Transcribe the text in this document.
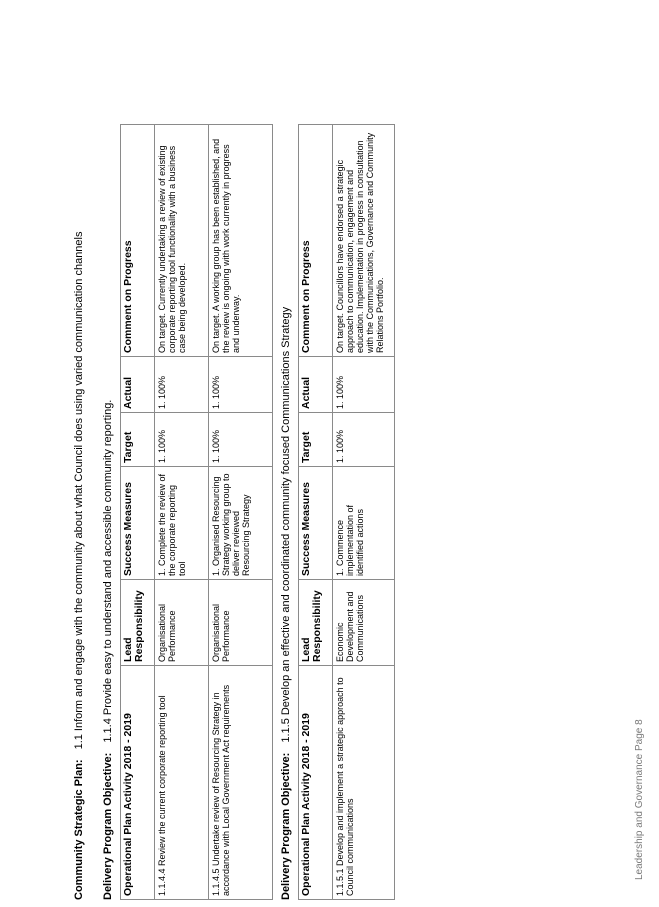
Community Strategic Plan:1.1 Inform and engage with the community about what Council does using varied communication channels
Delivery Program Objective:1.1.4 Provide easy to understand and accessible community reporting.
Operational Plan Activity 2018 - 2019	Lead Responsibility	Success Measures	Target	Actual	Comment on Progress
1.1.4.4 Review the current corporate reporting tool	Organisational Performance	1. Complete the review of the corporate reporting tool	1. 100%	1. 100%	On target. Currently undertaking a review of existing corporate reporting tool functionality with a business case being developed.
1.1.4.5 Undertake review of Resourcing Strategy in accordance with Local Government Act requirements	Organisational Performance	1. Organised Resourcing Strategy working group to deliver reviewed Resourcing Strategy	1. 100%	1. 100%	On target. A working group has been established, and the review is ongoing with work currently in progress and underway.
Delivery Program Objective:1.1.5 Develop an effective and coordinated community focused Communications Strategy
Operational Plan Activity 2018 - 2019	Lead Responsibility	Success Measures	Target	Actual	Comment on Progress
1.1.5.1 Develop and implement a strategic approach to Council communications	Economic Development and Communications	1. Commence implementation of identified actions	1. 100%	1. 100%	On target. Councillors have endorsed a strategic approach to communication, engagement and education. Implementation in progress in consultation with the Communications, Governance and Community Relations Portfolio.
Leadership and Governance Page 8
